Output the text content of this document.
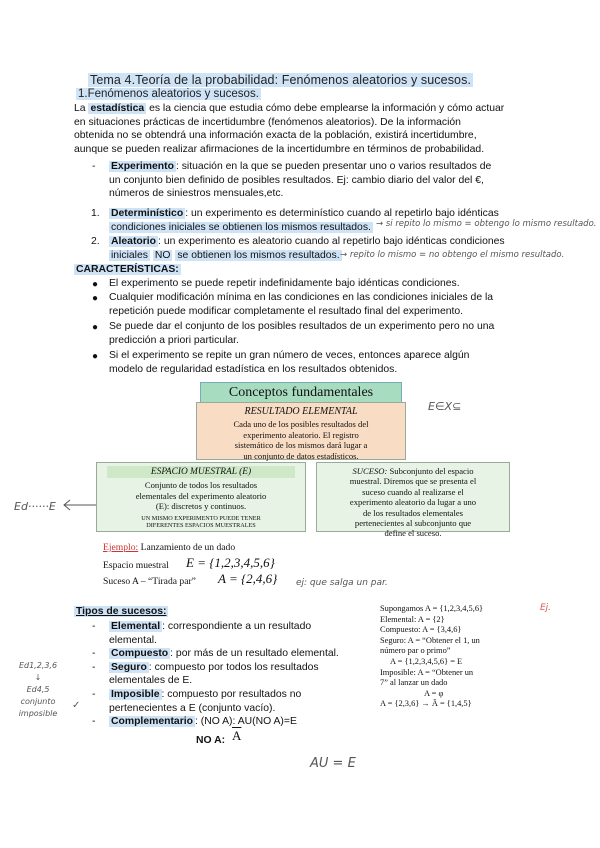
Tema 4.Teoría de la probabilidad: Fenómenos aleatorios y sucesos.
1.Fenómenos aleatorios y sucesos.
La estadística es la ciencia que estudia cómo debe emplearse la información y cómo actuar
en situaciones prácticas de incertidumbre (fenómenos aleatorios). De la información
obtenida no se obtendrá una información exacta de la población, existirá incertidumbre,
aunque se pueden realizar afirmaciones de la incertidumbre en términos de probabilidad.
- Experimento : situación en la que se pueden presentar uno o varios resultados de
un conjunto bien definido de posibles resultados. Ej: cambio diario del valor del €,
números de siniestros mensuales,etc.
1. Determinístico : un experimento es determinístico cuando al repetirlo bajo idénticas
condiciones iniciales se obtienen los mismos resultados. → si repito lo mismo = obtengo lo mismo resultado.
2. Aleatorio : un experimento es aleatorio cuando al repetirlo bajo idénticas condiciones
iniciales NO se obtienen los mismos resultados. → repito lo mismo = no obtengo el mismo resultado.
CARACTERÍSTICAS:
● El experimento se puede repetir indefinidamente bajo idénticas condiciones.
● Cualquier modificación mínima en las condiciones en las condiciones iniciales de la
repetición puede modificar completamente el resultado final del experimento.
● Se puede dar el conjunto de los posibles resultados de un experimento pero no una
predicción a priori particular.
● Si el experimento se repite un gran número de veces, entonces aparece algún
modelo de regularidad estadística en los resultados obtenidos.
Conceptos fundamentales
RESULTADO ELEMENTAL
Cada uno de los posibles resultados del
experimento aleatorio. El registro
sistemático de los mismos dará lugar a
un conjunto de datos estadísticos.
ESPACIO MUESTRAL (E)
Conjunto de todos los resultados
elementales del experimento aleatorio
(E): discretos y continuos.
UN MISMO EXPERIMENTO PUEDE TENER
DIFERENTES ESPACIOS MUESTRALES
SUCESO: Subconjunto del espacio
muestral. Diremos que se presenta el
suceso cuando al realizarse el
experimento aleatorio da lugar a uno
de los resultados elementales
pertenecientes al subconjunto que
define el suceso.
E∈X⊆
Ed······E
Ejemplo: Lanzamiento de un dado
Espacio muestral E = {1,2,3,4,5,6}
Suceso A – “Tirada par” A = {2,4,6} ej: que salga un par.
Tipos de sucesos:
- Elemental : correspondiente a un resultado
elemental.
- Compuesto : por más de un resultado elemental.
- Seguro : compuesto por todos los resultados
elementales de E.
- Imposible : compuesto por resultados no
pertenecientes a E (conjunto vacío).
- Complementario : (NO A): AU(NO A)=E
NO A: $\overline{A}$
Ed1,2,3,6
↓
Ed4,5
conjunto
imposible
✓
AU = E
Supongamos A = {1,2,3,4,5,6}
Elemental: A = {2}
Compuesto: A = {3,4,6}
Seguro: A = “Obtener el 1, un
número par o primo”
A = {1,2,3,4,5,6} = E
Imposible: A = “Obtener un
7” al lanzar un dado
A = φ
A = {2,3,6} → Ā = {1,4,5}
Ej.
